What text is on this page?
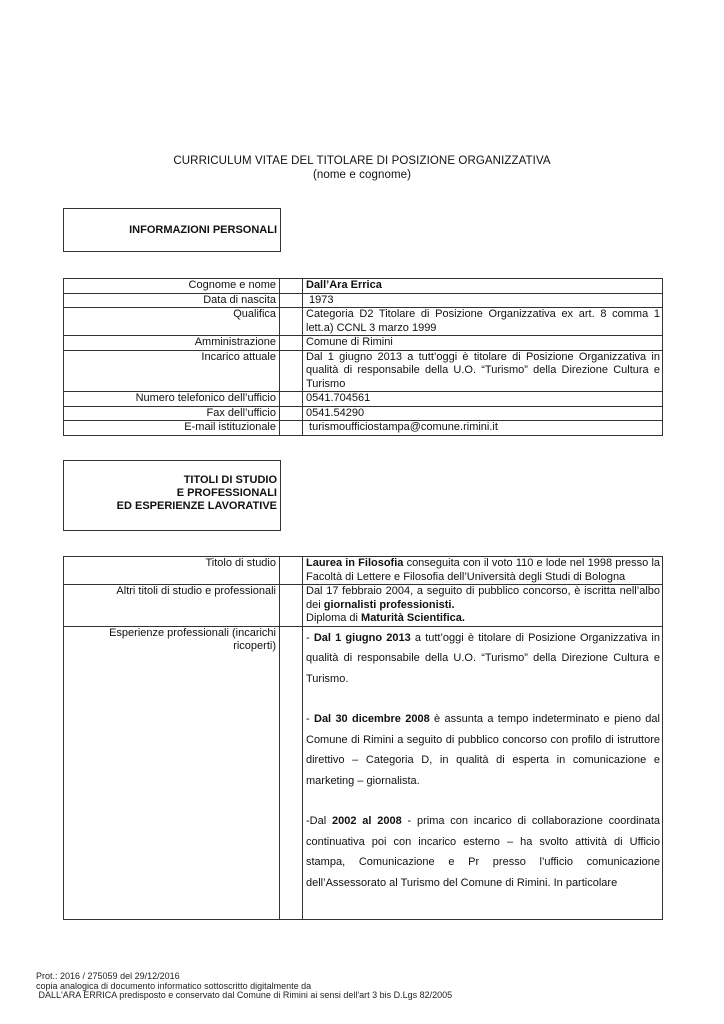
CURRICULUM VITAE DEL TITOLARE DI POSIZIONE ORGANIZZATIVA
(nome e cognome)
INFORMAZIONI PERSONALI
Cognome e nome		Dall’Ara Errica
Data di nascita		1973
Qualifica		Categoria D2 Titolare di Posizione Organizzativa ex art. 8 comma 1 lett.a) CCNL 3 marzo 1999
Amministrazione		Comune di Rimini
Incarico attuale		Dal 1 giugno 2013 a tutt’oggi è titolare di Posizione Organizzativa in qualità di responsabile della U.O. “Turismo” della Direzione Cultura e Turismo
Numero telefonico dell’ufficio		0541.704561
Fax dell’ufficio		0541.54290
E-mail istituzionale		turismoufficiostampa@comune.rimini.it
TITOLI DI STUDIO
E PROFESSIONALI
ED ESPERIENZE LAVORATIVE
Titolo di studio		Laurea in Filosofia conseguita con il voto 110 e lode nel 1998 presso la Facoltà di Lettere e Filosofia dell’Università degli Studi di Bologna
Altri titoli di studio e professionali		Dal 17 febbraio 2004, a seguito di pubblico concorso, è iscritta nell’albo dei giornalisti professionisti.
Diploma di Maturità Scientifica.
Esperienze professionali (incarichi ricoperti)		- Dal 1 giugno 2013 a tutt’oggi è titolare di Posizione Organizzativa in qualità di responsabile della U.O. “Turismo” della Direzione Cultura e Turismo.

- Dal 30 dicembre 2008 è assunta a tempo indeterminato e pieno dal Comune di Rimini a seguito di pubblico concorso con profilo di istruttore direttivo – Categoria D, in qualità di esperta in comunicazione e marketing – giornalista.

-Dal 2002 al 2008 - prima con incarico di collaborazione coordinata continuativa poi con incarico esterno – ha svolto attività di Ufficio stampa, Comunicazione e Pr presso l’ufficio comunicazione dell’Assessorato al Turismo del Comune di Rimini. In particolare

Prot.: 2016 / 275059 del 29/12/2016
copia analogica di documento informatico sottoscritto digitalmente da
DALL'ARA ERRICA predisposto e conservato dal Comune di Rimini ai sensi dell'art 3 bis D.Lgs 82/2005
